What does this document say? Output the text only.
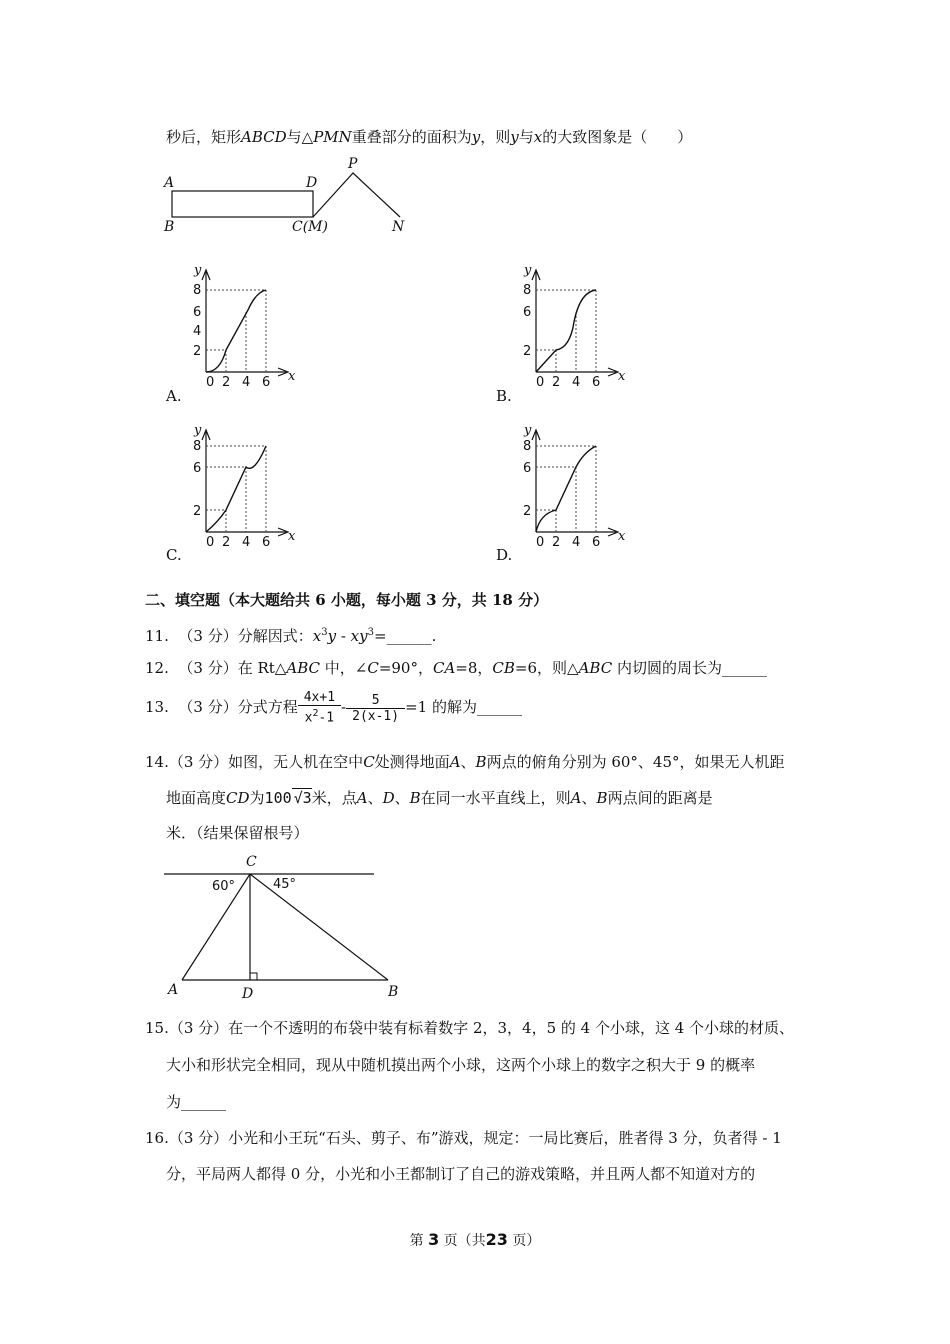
秒后，矩形ABCD与△PMN重叠部分的面积为y，则y与x的大致图象是（　　）
A	D
P
B	C(M)	N
y
x
8
6
4
2
0 2 4 6
A.
y
x
8
6
2
0 2 4 6
B.
y
x
8
6
2
0 2 4 6
C.
y
x
8
6
2
0 2 4 6
D.
二、填空题（本大题给共 6 小题，每小题 3 分，共 18 分）
11. （3 分）分解因式：$x^3y$ - $xy^3=\_\_\_\_\_\_$.
12. （3 分）在 Rt△ABC 中，∠C=90°，CA=8，CB=6，则△ABC 内切圆的周长为______
13. （3 分）分式方程 $\frac{4x+1}{x^2-1} - \frac{5}{2(x-1)} =1$ 的解为______
14.（3 分）如图，无人机在空中C处测得地面A、B两点的俯角分别为 60°、45°，如果无人机距
地面高度CD为100 √3米，点A、D、B在同一水平直线上，则A、B两点间的距离是
米．（结果保留根号）
C
60°	45°
A	D	B
15.（3 分）在一个不透明的布袋中装有标着数字 2，3，4，5 的 4 个小球，这 4 个小球的材质、
大小和形状完全相同，现从中随机摸出两个小球，这两个小球上的数字之积大于 9 的概率
为______
16.（3 分）小光和小王玩“石头、剪子、布”游戏，规定：一局比赛后，胜者得 3 分，负者得 - 1
分，平局两人都得 0 分，小光和小王都制订了自己的游戏策略，并且两人都不知道对方的
第 3 页（共23 页）
